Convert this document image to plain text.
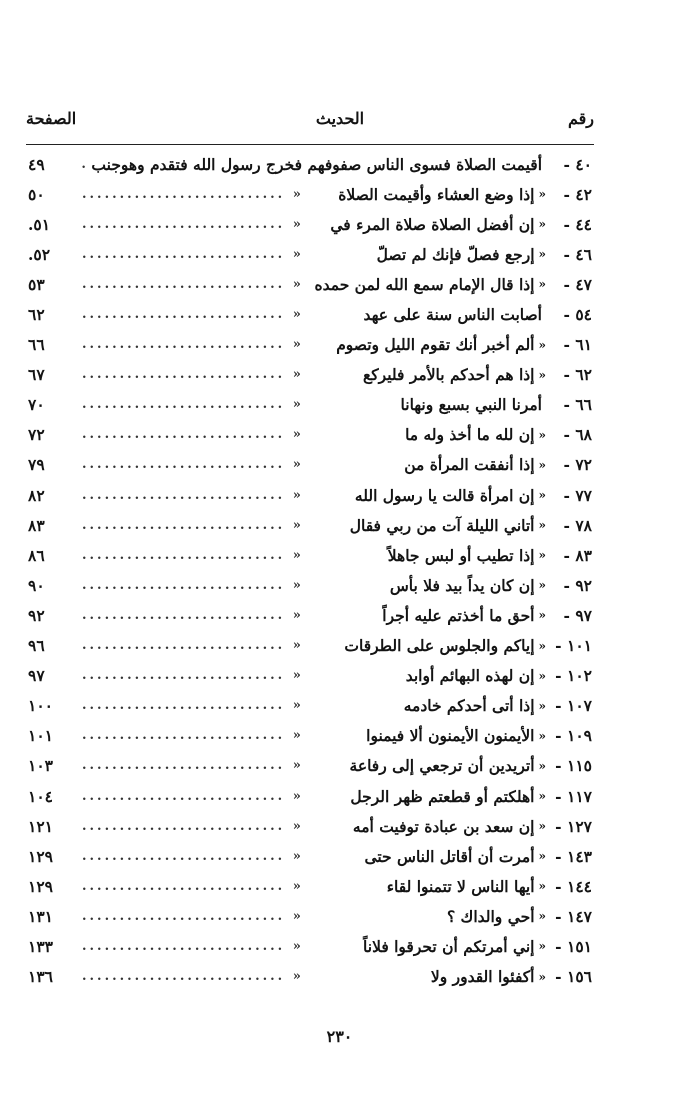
رقم
الحديث
الصفحة
٤٠ -
أقيمت الصلاة فسوى الناس صفوفهم فخرج رسول الله فتقدم وهوجنب
.
٤٩
٤٢ -
«
إذا وضع العشاء وأقيمت الصلاة
........................... »
٥٠
٤٤ -
«
إن أفضل الصلاة صلاة المرء في
........................... »
٥١.
٤٦ -
«
إرجع فصلّ فإنك لم تصلّ
........................... »
٥٢.
٤٧ -
«
إذا قال الإمام سمع الله لمن حمده
........................... »
٥٣
٥٤ -
أصابت الناس سنة على عهد
........................... »
٦٢
٦١ -
«
ألم أخبر أنك تقوم الليل وتصوم
........................... »
٦٦
٦٢ -
«
إذا هم أحدكم بالأمر فليركع
........................... »
٦٧
٦٦ -
أمرنا النبي بسبع ونهانا
........................... »
٧٠
٦٨ -
«
إن لله ما أخذ وله ما
........................... »
٧٢
٧٢ -
«
إذا أنفقت المرأة من
........................... »
٧٩
٧٧ -
«
إن امرأة قالت يا رسول الله
........................... »
٨٢
٧٨ -
«
أتاني الليلة آت من ربي فقال
........................... »
٨٣
٨٣ -
«
إذا تطيب أو لبس جاهلاً
........................... »
٨٦
٩٢ -
«
إن كان يداً بيد فلا بأس
........................... »
٩٠
٩٧ -
«
أحق ما أخذتم عليه أجراً
........................... »
٩٢
١٠١ -
«
إياكم والجلوس على الطرقات
........................... »
٩٦
١٠٢ -
«
إن لهذه البهائم أوابد
........................... »
٩٧
١٠٧ -
«
إذا أتى أحدكم خادمه
........................... »
١٠٠
١٠٩ -
«
الأيمنون الأيمنون ألا فيمنوا
........................... »
١٠١
١١٥ -
«
أتريدين أن ترجعي إلى رفاعة
........................... »
١٠٣
١١٧ -
«
أهلكتم أو قطعتم ظهر الرجل
........................... »
١٠٤
١٢٧ -
«
إن سعد بن عبادة توفيت أمه
........................... »
١٢١
١٤٣ -
«
أمرت أن أقاتل الناس حتى
........................... »
١٢٩
١٤٤ -
«
أيها الناس لا تتمنوا لقاء
........................... »
١٢٩
١٤٧ -
«
أحي والداك ؟
........................... »
١٣١
١٥١ -
«
إني أمرتكم أن تحرقوا فلاناً
........................... »
١٣٣
١٥٦ -
«
أكفئوا القدور ولا
........................... »
١٣٦
٢٣٠
